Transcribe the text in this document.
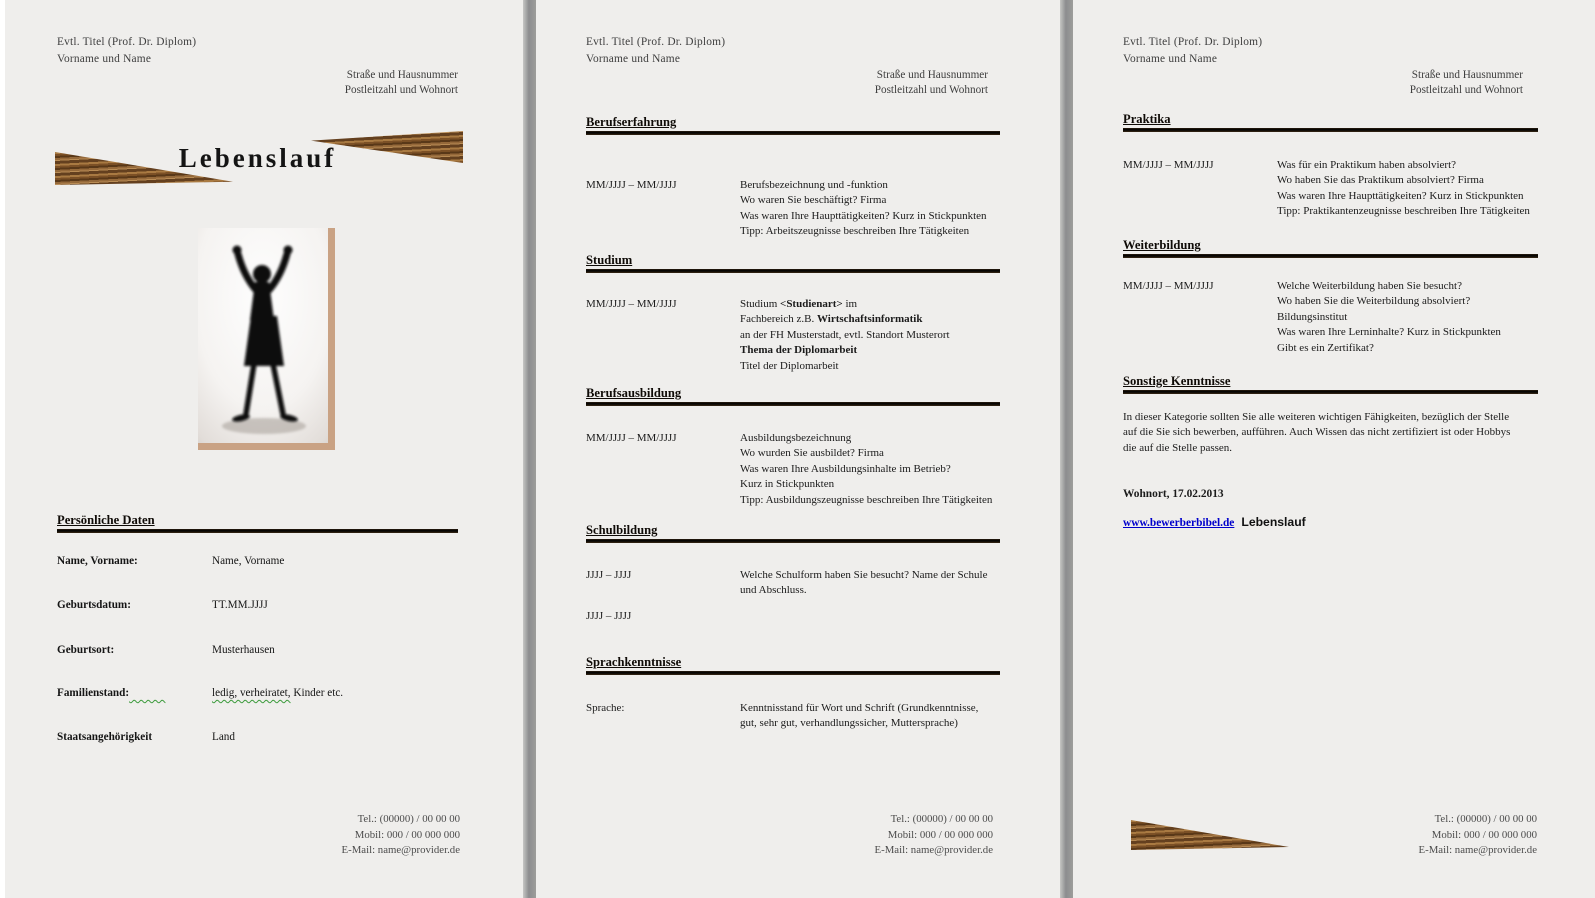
Evtl. Titel (Prof. Dr. Diplom)
Vorname und Name
Straße und Hausnummer
Postleitzahl und Wohnort
Lebenslauf
Persönliche Daten
Name, Vorname:	Name, Vorname
Geburtsdatum:	TT.MM.JJJJ
Geburtsort:	Musterhausen
Familienstand:	ledig, verheiratet, Kinder etc.
Staatsangehörigkeit	Land
Tel.: (00000) / 00 00 00
Mobil: 000 / 00 000 000
E-Mail: name@provider.de
Evtl. Titel (Prof. Dr. Diplom)
Vorname und Name
Straße und Hausnummer
Postleitzahl und Wohnort
Berufserfahrung
MM/JJJJ – MM/JJJJ	Berufsbezeichnung und -funktion
Wo waren Sie beschäftigt? Firma
Was waren Ihre Haupttätigkeiten? Kurz in Stickpunkten
Tipp: Arbeitszeugnisse beschreiben Ihre Tätigkeiten
Studium
MM/JJJJ – MM/JJJJ	Studium <Studienart> im
Fachbereich z.B. Wirtschaftsinformatik
an der FH Musterstadt, evtl. Standort Musterort
Thema der Diplomarbeit
Titel der Diplomarbeit
Berufsausbildung
MM/JJJJ – MM/JJJJ	Ausbildungsbezeichnung
Wo wurden Sie ausbildet? Firma
Was waren Ihre Ausbildungsinhalte im Betrieb?
Kurz in Stickpunkten
Tipp: Ausbildungszeugnisse beschreiben Ihre Tätigkeiten
Schulbildung
JJJJ – JJJJ	Welche Schulform haben Sie besucht? Name der Schule
und Abschluss.
JJJJ – JJJJ
Sprachkenntnisse
Sprache:	Kenntnisstand für Wort und Schrift (Grundkenntnisse,
gut, sehr gut, verhandlungssicher, Muttersprache)
Tel.: (00000) / 00 00 00
Mobil: 000 / 00 000 000
E-Mail: name@provider.de
Evtl. Titel (Prof. Dr. Diplom)
Vorname und Name
Straße und Hausnummer
Postleitzahl und Wohnort
Praktika
MM/JJJJ – MM/JJJJ	Was für ein Praktikum haben absolviert?
Wo haben Sie das Praktikum absolviert? Firma
Was waren Ihre Haupttätigkeiten? Kurz in Stickpunkten
Tipp: Praktikantenzeugnisse beschreiben Ihre Tätigkeiten
Weiterbildung
MM/JJJJ – MM/JJJJ	Welche Weiterbildung haben Sie besucht?
Wo haben Sie die Weiterbildung absolviert?
Bildungsinstitut
Was waren Ihre Lerninhalte? Kurz in Stickpunkten
Gibt es ein Zertifikat?
Sonstige Kenntnisse
In dieser Kategorie sollten Sie alle weiteren wichtigen Fähigkeiten, bezüglich der Stelle auf die Sie sich bewerben, aufführen. Auch Wissen das nicht zertifiziert ist oder Hobbys die auf die Stelle passen.
Wohnort, 17.02.2013
www.bewerberbibel.de Lebenslauf
Tel.: (00000) / 00 00 00
Mobil: 000 / 00 000 000
E-Mail: name@provider.de
